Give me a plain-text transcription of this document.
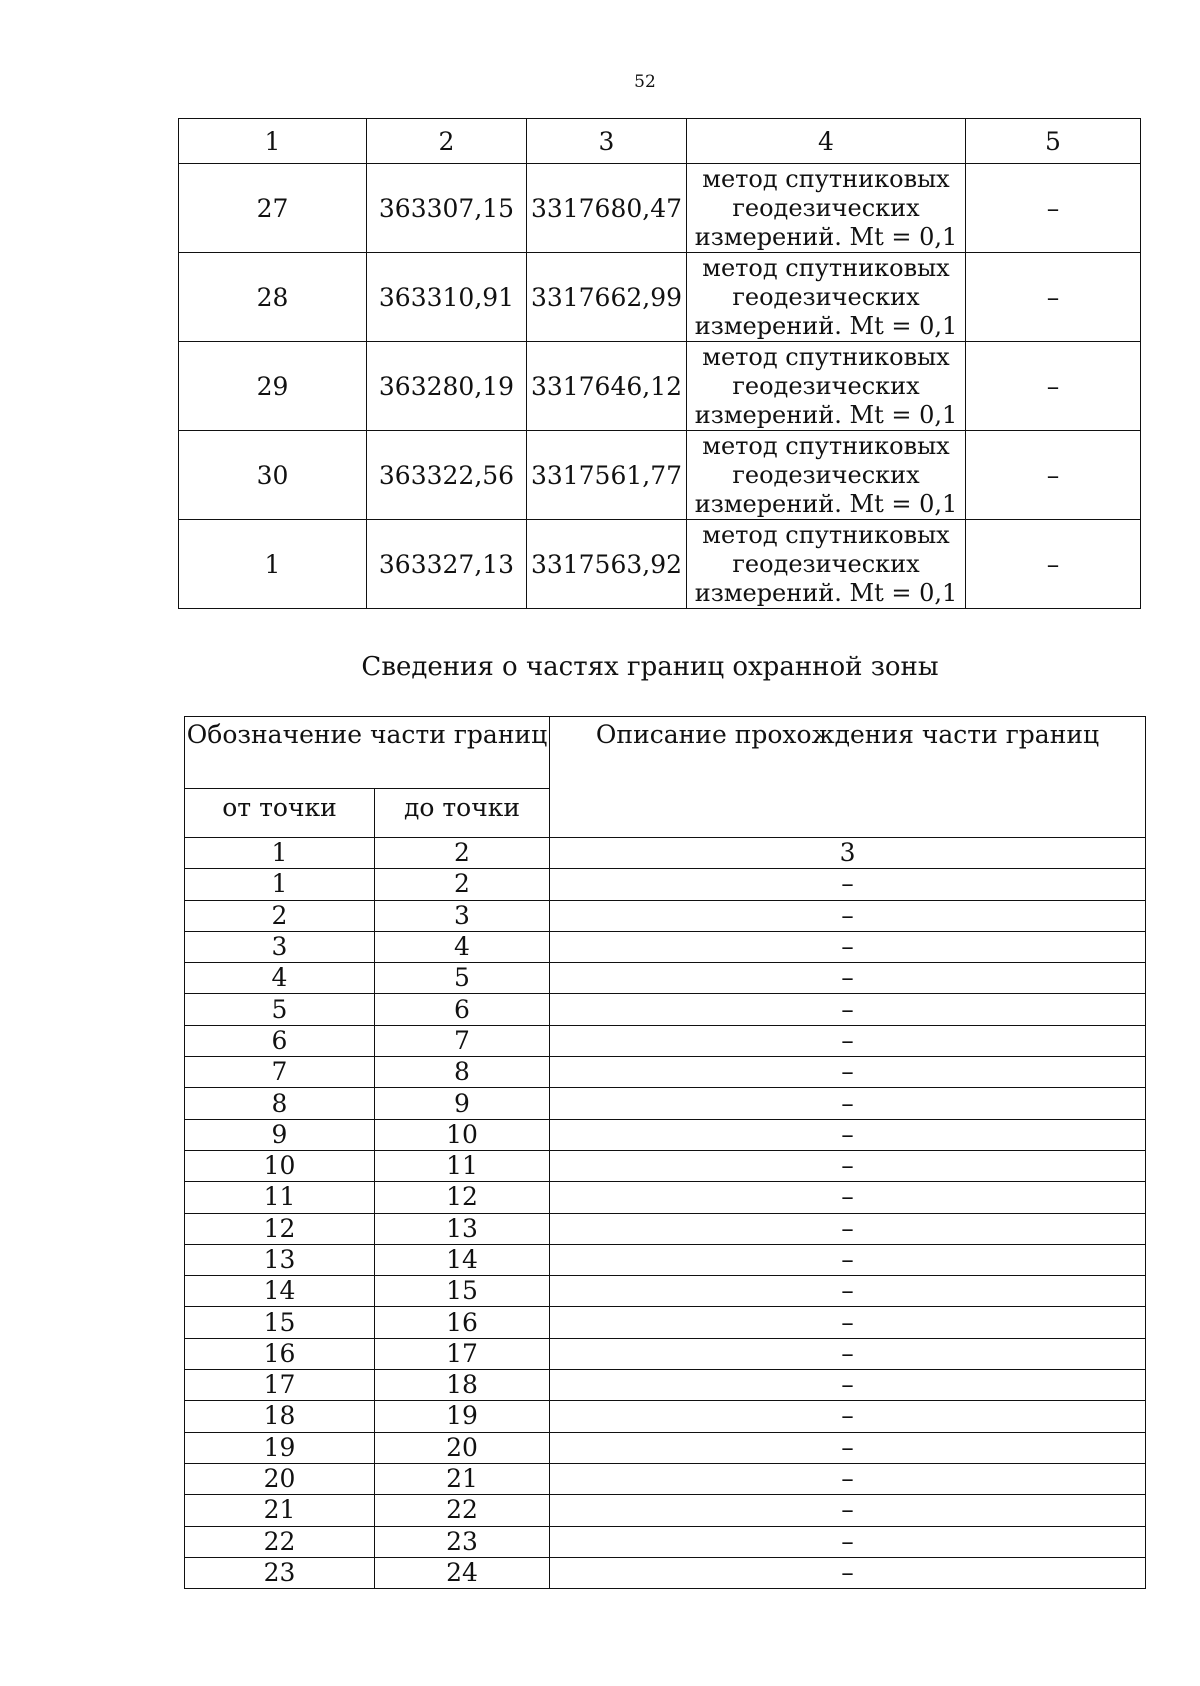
52
1	2	3	4	5
27	363307,15	3317680,47	метод спутниковых
геодезических
измерений. Mt = 0,1	–
28	363310,91	3317662,99	метод спутниковых
геодезических
измерений. Mt = 0,1	–
29	363280,19	3317646,12	метод спутниковых
геодезических
измерений. Mt = 0,1	–
30	363322,56	3317561,77	метод спутниковых
геодезических
измерений. Mt = 0,1	–
1	363327,13	3317563,92	метод спутниковых
геодезических
измерений. Mt = 0,1	–
Сведения о частях границ охранной зоны
Обозначение части границ		Описание прохождения части границ
от точки	до точки	
1	2	3
1	2	–
2	3	–
3	4	–
4	5	–
5	6	–
6	7	–
7	8	–
8	9	–
9	10	–
10	11	–
11	12	–
12	13	–
13	14	–
14	15	–
15	16	–
16	17	–
17	18	–
18	19	–
19	20	–
20	21	–
21	22	–
22	23	–
23	24	–
